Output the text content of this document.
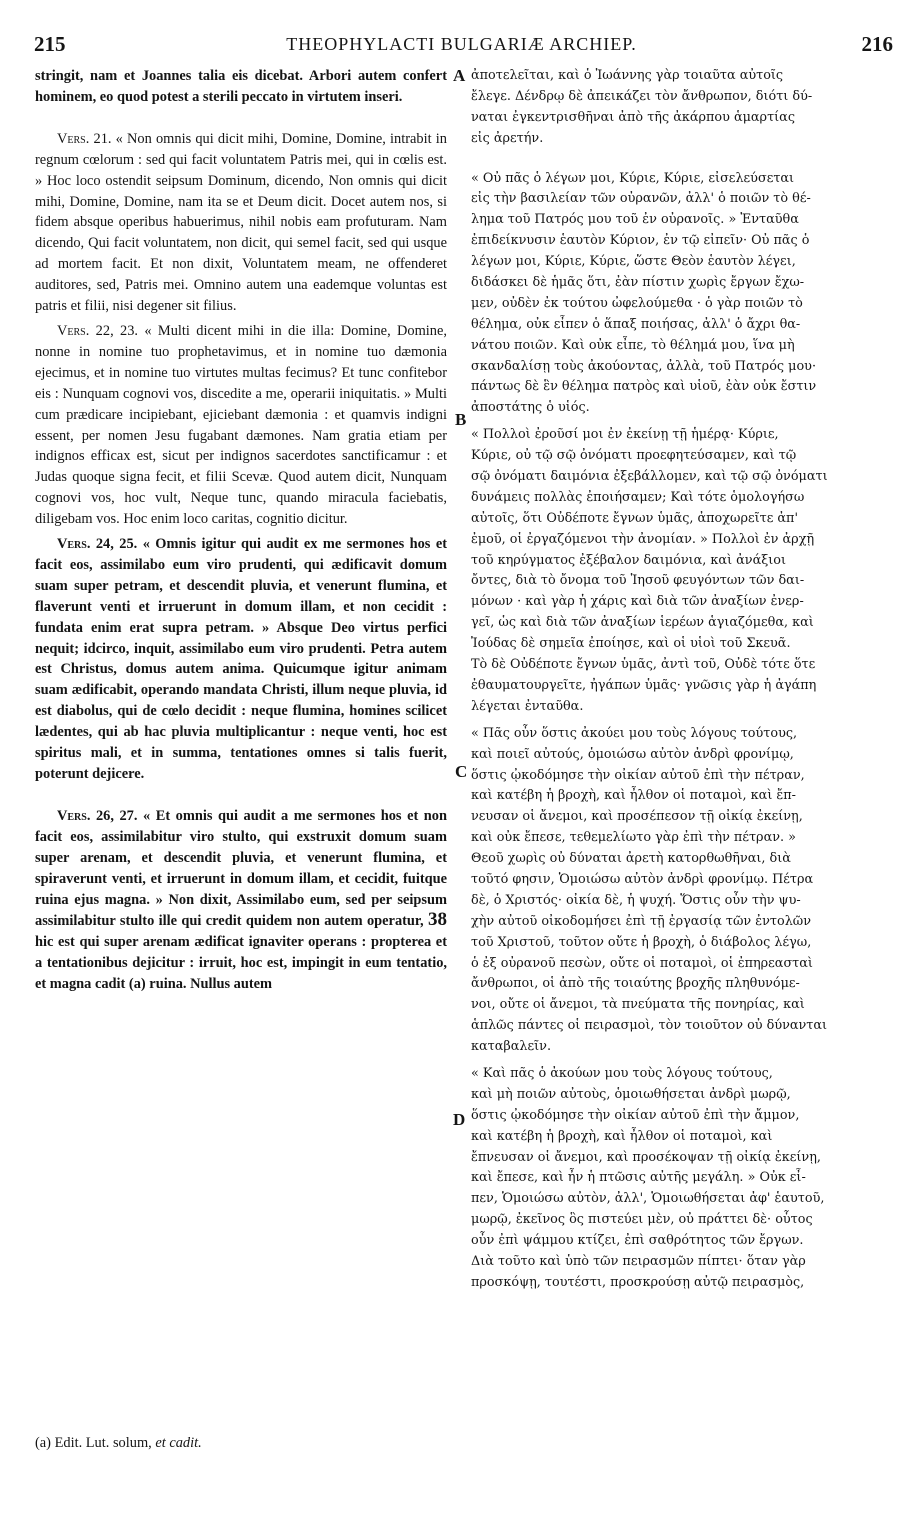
215	THEOPHYLACTI BULGARIÆ ARCHIEP.	216

stringit, nam et Joannes talia eis dicebat. Arbori autem confert hominem, eo quod potest a sterili peccato in virtutem inseri.

Vers. 21. « Non omnis qui dicit mihi, Domine, Domine, intrabit in regnum cœlorum : sed qui facit voluntatem Patris mei, qui in cœlis est. » Hoc loco ostendit seipsum Dominum, dicendo, Non omnis qui dicit mihi, Domine, Domine, nam ita se et Deum dicit. Docet autem nos, si fidem absque operibus habuerimus, nihil nobis eam profuturam. Nam dicendo, Qui facit voluntatem, non dicit, qui semel facit, sed qui usque ad mortem facit. Et non dixit, Voluntatem meam, ne offenderet auditores, sed, Patris mei. Omnino autem una eademque voluntas est patris et filii, nisi degener sit filius.

Vers. 22, 23. « Multi dicent mihi in die illa: Domine, Domine, nonne in nomine tuo prophetavimus, et in nomine tuo dæmonia ejecimus, et in nomine tuo virtutes multas fecimus? Et tunc confitebor eis : Nunquam cognovi vos, discedite a me, operarii iniquitatis. » Multi cum prædicare incipiebant, ejiciebant dæmonia : et quamvis indigni essent, per nomen Jesu fugabant dæmones. Nam gratia etiam per indignos efficax est, sicut per indignos sacerdotes sanctificamur : et Judas quoque signa fecit, et filii Scevæ. Quod autem dicit, Nunquam cognovi vos, hoc vult, Neque tunc, quando miracula faciebatis, diligebam vos. Hoc enim loco caritas, cognitio dicitur.

Vers. 24, 25. « Omnis igitur qui audit ex me sermones hos et facit eos, assimilabo eum viro prudenti, qui ædificavit domum suam super petram, et descendit pluvia, et venerunt flumina, et flaverunt venti et irruerunt in domum illam, et non cecidit : fundata enim erat supra petram. » Absque Deo virtus perfici nequit; idcirco, inquit, assimilabo eum viro prudenti. Petra autem est Christus, domus autem anima. Quicumque igitur animam suam ædificabit, operando mandata Christi, illum neque pluvia, id est diabolus, qui de cœlo decidit : neque flumina, homines scilicet lædentes, qui ab hac pluvia multiplicantur : neque venti, hoc est spiritus mali, et in summa, tentationes omnes si talis fuerit, poterunt dejicere.

Vers. 26, 27. « Et omnis qui audit a me sermones hos et non facit eos, assimilabitur viro stulto, qui exstruxit domum suam super arenam, et descendit pluvia, et venerunt flumina, et spiraverunt venti, et irruerunt in domum illam, et cecidit, fuitque ruina ejus magna. » Non dixit, Assimilabo eum, sed per seipsum assimilabitur stulto ille qui credit quidem non autem operatur, 38 hic est qui super arenam ædificat ignaviter operans : propterea et a tentationibus dejicitur : irruit, hoc est, impingit in eum tentatio, et magna cadit (a) ruina. Nullus autem

A
B
C
D
ἀποτελεῖται, καὶ ὁ Ἰωάννης γὰρ τοιαῦτα αὐτοῖς
ἔλεγε. Δένδρῳ δὲ ἀπεικάζει τὸν ἄνθρωπον, διότι δύ-
ναται ἐγκεντρισθῆναι ἀπὸ τῆς ἀκάρπου ἁμαρτίας
εἰς ἀρετήν.
« Οὐ πᾶς ὁ λέγων μοι, Κύριε, Κύριε, εἰσελεύσεται
εἰς τὴν βασιλείαν τῶν οὐρανῶν, ἀλλ' ὁ ποιῶν τὸ θέ-
λημα τοῦ Πατρός μου τοῦ ἐν οὐρανοῖς. » Ἐνταῦθα
ἐπιδείκνυσιν ἑαυτὸν Κύριον, ἐν τῷ εἰπεῖν· Οὐ πᾶς ὁ
λέγων μοι, Κύριε, Κύριε, ὥστε Θεὸν ἑαυτὸν λέγει,
διδάσκει δὲ ἡμᾶς ὅτι, ἐὰν πίστιν χωρὶς ἔργων ἔχω-
μεν, οὐδὲν ἐκ τούτου ὠφελούμεθα · ὁ γὰρ ποιῶν τὸ
θέλημα, οὐκ εἶπεν ὁ ἅπαξ ποιήσας, ἀλλ' ὁ ἄχρι θα-
νάτου ποιῶν. Καὶ οὐκ εἶπε, τὸ θέλημά μου, ἵνα μὴ
σκανδαλίσῃ τοὺς ἀκούοντας, ἀλλὰ, τοῦ Πατρός μου·
πάντως δὲ ἓν θέλημα πατρὸς καὶ υἱοῦ, ἐὰν οὐκ ἔστιν
ἀποστάτης ὁ υἱός.
« Πολλοὶ ἐροῦσί μοι ἐν ἐκείνῃ τῇ ἡμέρᾳ· Κύριε,
Κύριε, οὐ τῷ σῷ ὀνόματι προεφητεύσαμεν, καὶ τῷ
σῷ ὀνόματι δαιμόνια ἐξεβάλλομεν, καὶ τῷ σῷ ὀνόματι
δυνάμεις πολλὰς ἐποιήσαμεν; Καὶ τότε ὁμολογήσω
αὐτοῖς, ὅτι Οὐδέποτε ἔγνων ὑμᾶς, ἀποχωρεῖτε ἀπ'
ἐμοῦ, οἱ ἐργαζόμενοι τὴν ἀνομίαν. » Πολλοὶ ἐν ἀρχῇ
τοῦ κηρύγματος ἐξέβαλον δαιμόνια, καὶ ἀνάξιοι
ὄντες, διὰ τὸ ὄνομα τοῦ Ἰησοῦ φευγόντων τῶν δαι-
μόνων · καὶ γὰρ ἡ χάρις καὶ διὰ τῶν ἀναξίων ἐνερ-
γεῖ, ὡς καὶ διὰ τῶν ἀναξίων ἱερέων ἁγιαζόμεθα, καὶ
Ἰούδας δὲ σημεῖα ἐποίησε, καὶ οἱ υἱοὶ τοῦ Σκευᾶ.
Τὸ δὲ Οὐδέποτε ἔγνων ὑμᾶς, ἀντὶ τοῦ, Οὐδὲ τότε ὅτε
ἐθαυματουργεῖτε, ἠγάπων ὑμᾶς· γνῶσις γὰρ ἡ ἀγάπη
λέγεται ἐνταῦθα.
« Πᾶς οὖν ὅστις ἀκούει μου τοὺς λόγους τούτους,
καὶ ποιεῖ αὐτούς, ὁμοιώσω αὐτὸν ἀνδρὶ φρονίμῳ,
ὅστις ᾠκοδόμησε τὴν οἰκίαν αὐτοῦ ἐπὶ τὴν πέτραν,
καὶ κατέβη ἡ βροχὴ, καὶ ἦλθον οἱ ποταμοὶ, καὶ ἔπ-
νευσαν οἱ ἄνεμοι, καὶ προσέπεσον τῇ οἰκίᾳ ἐκείνῃ,
καὶ οὐκ ἔπεσε, τεθεμελίωτο γὰρ ἐπὶ τὴν πέτραν. »
Θεοῦ χωρὶς οὐ δύναται ἀρετὴ κατορθωθῆναι, διὰ
τοῦτό φησιν, Ὁμοιώσω αὐτὸν ἀνδρὶ φρονίμῳ. Πέτρα
δὲ, ὁ Χριστός· οἰκία δὲ, ἡ ψυχή. Ὅστις οὖν τὴν ψυ-
χὴν αὐτοῦ οἰκοδομήσει ἐπὶ τῇ ἐργασίᾳ τῶν ἐντολῶν
τοῦ Χριστοῦ, τοῦτον οὔτε ἡ βροχὴ, ὁ διάβολος λέγω,
ὁ ἐξ οὐρανοῦ πεσὼν, οὔτε οἱ ποταμοὶ, οἱ ἐπηρεασταὶ
ἄνθρωποι, οἱ ἀπὸ τῆς τοιαύτης βροχῆς πληθυνόμε-
νοι, οὔτε οἱ ἄνεμοι, τὰ πνεύματα τῆς πονηρίας, καὶ
ἁπλῶς πάντες οἱ πειρασμοὶ, τὸν τοιοῦτον οὐ δύνανται
καταβαλεῖν.
« Καὶ πᾶς ὁ ἀκούων μου τοὺς λόγους τούτους,
καὶ μὴ ποιῶν αὐτοὺς, ὁμοιωθήσεται ἀνδρὶ μωρῷ,
ὅστις ᾠκοδόμησε τὴν οἰκίαν αὐτοῦ ἐπὶ τὴν ἄμμον,
καὶ κατέβη ἡ βροχὴ, καὶ ἦλθον οἱ ποταμοὶ, καὶ
ἔπνευσαν οἱ ἄνεμοι, καὶ προσέκοψαν τῇ οἰκίᾳ ἐκείνῃ,
καὶ ἔπεσε, καὶ ἦν ἡ πτῶσις αὐτῆς μεγάλη. » Οὐκ εἶ-
πεν, Ὁμοιώσω αὐτὸν, ἀλλ', Ὁμοιωθήσεται ἀφ' ἑαυτοῦ,
μωρῷ, ἐκεῖνος ὃς πιστεύει μὲν, οὐ πράττει δὲ· οὗτος
οὖν ἐπὶ ψάμμου κτίζει, ἐπὶ σαθρότητος τῶν ἔργων.
Διὰ τοῦτο καὶ ὑπὸ τῶν πειρασμῶν πίπτει· ὅταν γὰρ
προσκόψῃ, τουτέστι, προσκρούσῃ αὐτῷ πειρασμὸς,
(a) Edit. Lut. solum, et cadit.
